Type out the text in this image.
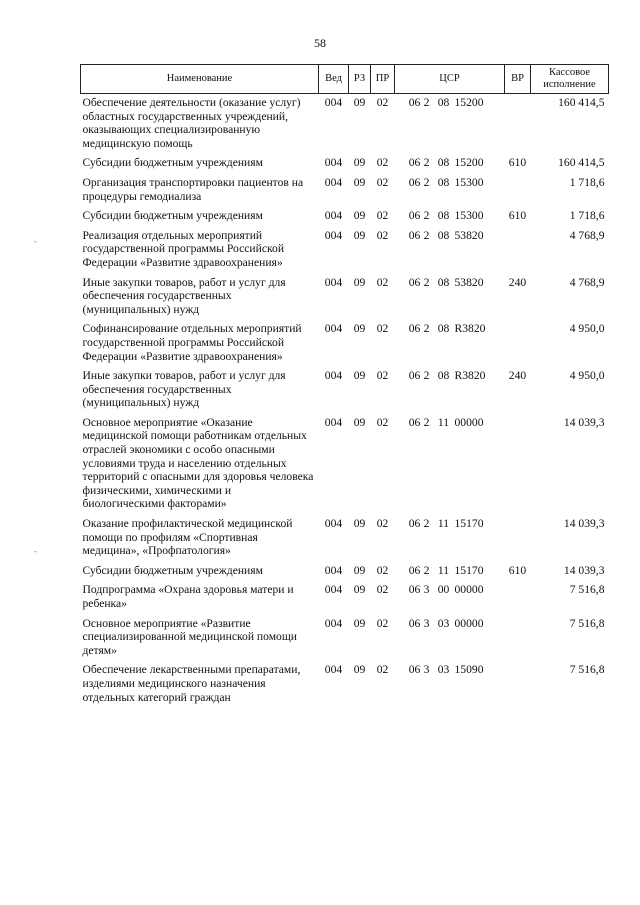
58
Наименование	Вед	РЗ	ПР	ЦСР	ВР	Кассовое исполнение
Обеспечение деятельности (оказание услуг) областных государственных учреждений, оказывающих специализированную медицинскую помощь	004	09	02	06 2 08 15200		160 414,5
Субсидии бюджетным учреждениям	004	09	02	06 2 08 15200	610	160 414,5
Организация транспортировки пациентов на процедуры гемодиализа	004	09	02	06 2 08 15300		1 718,6
Субсидии бюджетным учреждениям	004	09	02	06 2 08 15300	610	1 718,6
Реализация отдельных мероприятий государственной программы Российской Федерации «Развитие здравоохранения»	004	09	02	06 2 08 53820		4 768,9
Иные закупки товаров, работ и услуг для обеспечения государственных (муниципальных) нужд	004	09	02	06 2 08 53820	240	4 768,9
Софинансирование отдельных мероприятий государственной программы Российской Федерации «Развитие здравоохранения»	004	09	02	06 2 08 R3820		4 950,0
Иные закупки товаров, работ и услуг для обеспечения государственных (муниципальных) нужд	004	09	02	06 2 08 R3820	240	4 950,0
Основное мероприятие «Оказание медицинской помощи работникам отдельных отраслей экономики с особо опасными условиями труда и населению отдельных территорий с опасными для здоровья человека физическими, химическими и биологическими факторами»	004	09	02	06 2 11 00000		14 039,3
Оказание профилактической медицинской помощи по профилям «Спортивная медицина», «Профпатология»	004	09	02	06 2 11 15170		14 039,3
Субсидии бюджетным учреждениям	004	09	02	06 2 11 15170	610	14 039,3
Подпрограмма «Охрана здоровья матери и ребенка»	004	09	02	06 3 00 00000		7 516,8
Основное мероприятие «Развитие специализированной медицинской помощи детям»	004	09	02	06 3 03 00000		7 516,8
Обеспечение лекарственными препаратами, изделиями медицинского назначения отдельных категорий граждан	004	09	02	06 3 03 15090		7 516,8
-
-
